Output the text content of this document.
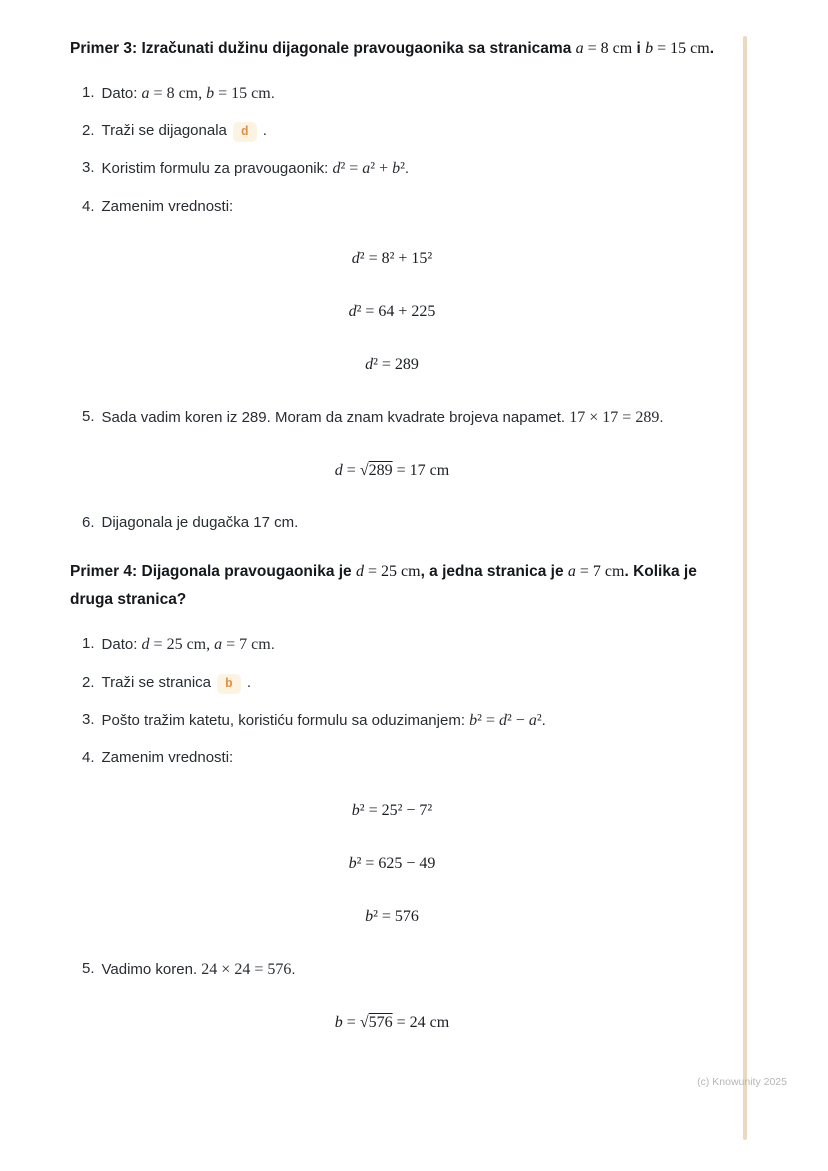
Primer 3: Izračunati dužinu dijagonale pravougaonika sa stranicama a = 8 cm i b = 15 cm.
1. Dato: a = 8 cm, b = 15 cm.
2. Traži se dijagonala d .
3. Koristim formulu za pravougaonik: d² = a² + b².
4. Zamenim vrednosti:
d² = 8² + 15²
d² = 64 + 225
d² = 289
5. Sada vadim koren iz 289. Moram da znam kvadrate brojeva napamet. 17 × 17 = 289.
d = √289 = 17 cm
6. Dijagonala je dugačka 17 cm.
Primer 4: Dijagonala pravougaonika je d = 25 cm, a jedna stranica je a = 7 cm. Kolika je druga stranica?
1. Dato: d = 25 cm, a = 7 cm.
2. Traži se stranica b .
3. Pošto tražim katetu, koristiću formulu sa oduzimanjem: b² = d² − a².
4. Zamenim vrednosti:
b² = 25² − 7²
b² = 625 − 49
b² = 576
5. Vadimo koren. 24 × 24 = 576.
b = √576 = 24 cm
(c) Knowunity 2025
